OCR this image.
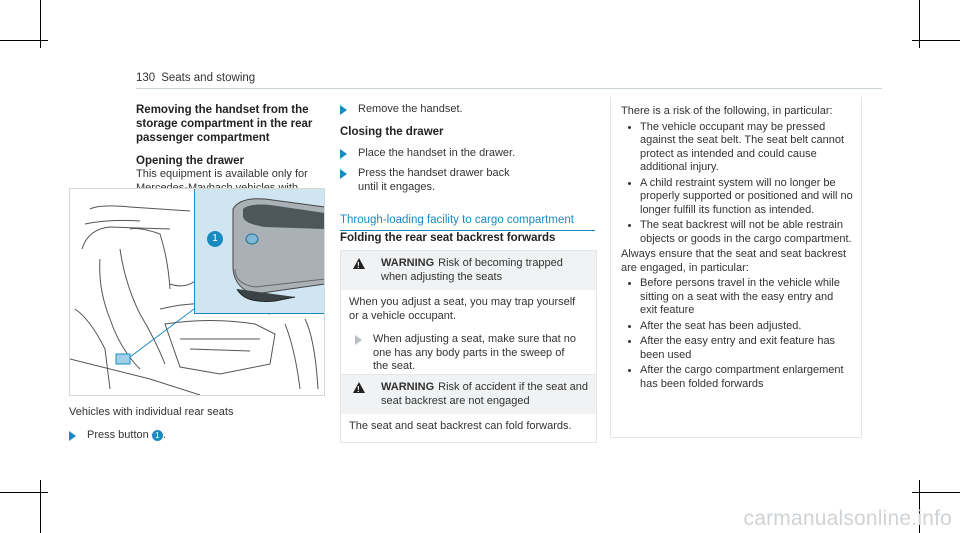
130 Seats and stowing
Removing the handset from the storage compartment in the rear passenger compartment
Opening the drawer

This equipment is available only for

1

Vehicles with individual rear seats

Press button 1 .
Remove the handset.
Closing the drawer
Place the handset in the drawer.
Press the handset drawer back until it engages.
Through-loading facility to cargo compartment
Folding the rear seat backrest forwards
!
WARNING Risk of becoming trapped when adjusting the seats

When you adjust a seat, you may trap yourself or a vehicle occupant.

When adjusting a seat, make sure that no one has any body parts in the sweep of the seat.
!
WARNING Risk of accident if the seat and seat backrest are not engaged

The seat and seat backrest can fold forwards.

There is a risk of the following, in particular:

The vehicle occupant may be pressed against the seat belt. The seat belt cannot protect as intended and could cause additional injury.
A child restraint system will no longer be properly supported or positioned and will no longer fulfill its function as intended.
The seat backrest will not be able restrain objects or goods in the cargo compartment.

Always ensure that the seat and seat backrest are engaged, in particular:

Before persons travel in the vehicle while sitting on a seat with the easy entry and exit feature
After the seat has been adjusted.
After the easy entry and exit feature has been used
After the cargo compartment enlargement has been folded forwards
carmanualsonline.info
